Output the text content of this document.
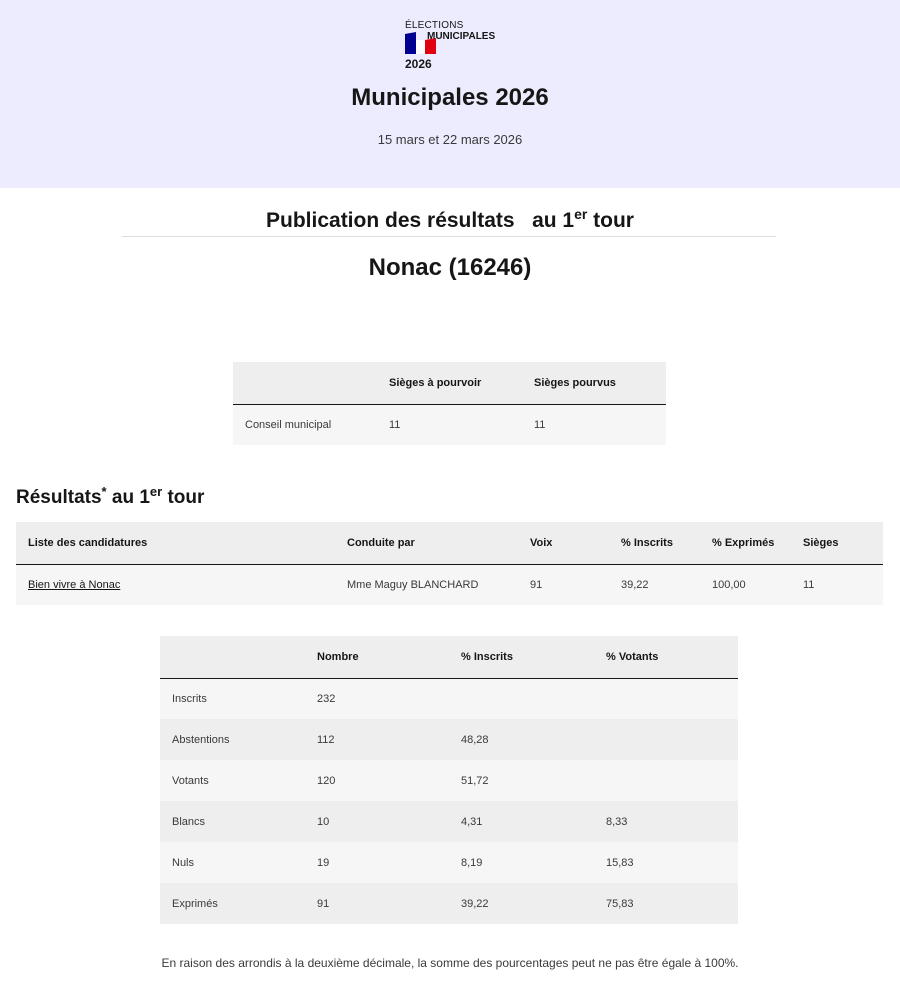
ÉLECTIONS
MUNICIPALES
2026
Municipales 2026
15 mars et 22 mars 2026
Publication des résultats   au 1er tour
Nonac (16246)
	Sièges à pourvoir	Sièges pourvus
Conseil municipal	11	11
Résultats* au 1er tour
Liste des candidatures	Conduite par	Voix	% Inscrits	% Exprimés	Sièges
Bien vivre à Nonac	Mme Maguy BLANCHARD	91	39,22	100,00	11
	Nombre	% Inscrits	% Votants
Inscrits	232		
Abstentions	112	48,28	
Votants	120	51,72	
Blancs	10	4,31	8,33
Nuls	19	8,19	15,83
Exprimés	91	39,22	75,83
En raison des arrondis à la deuxième décimale, la somme des pourcentages peut ne pas être égale à 100%.
